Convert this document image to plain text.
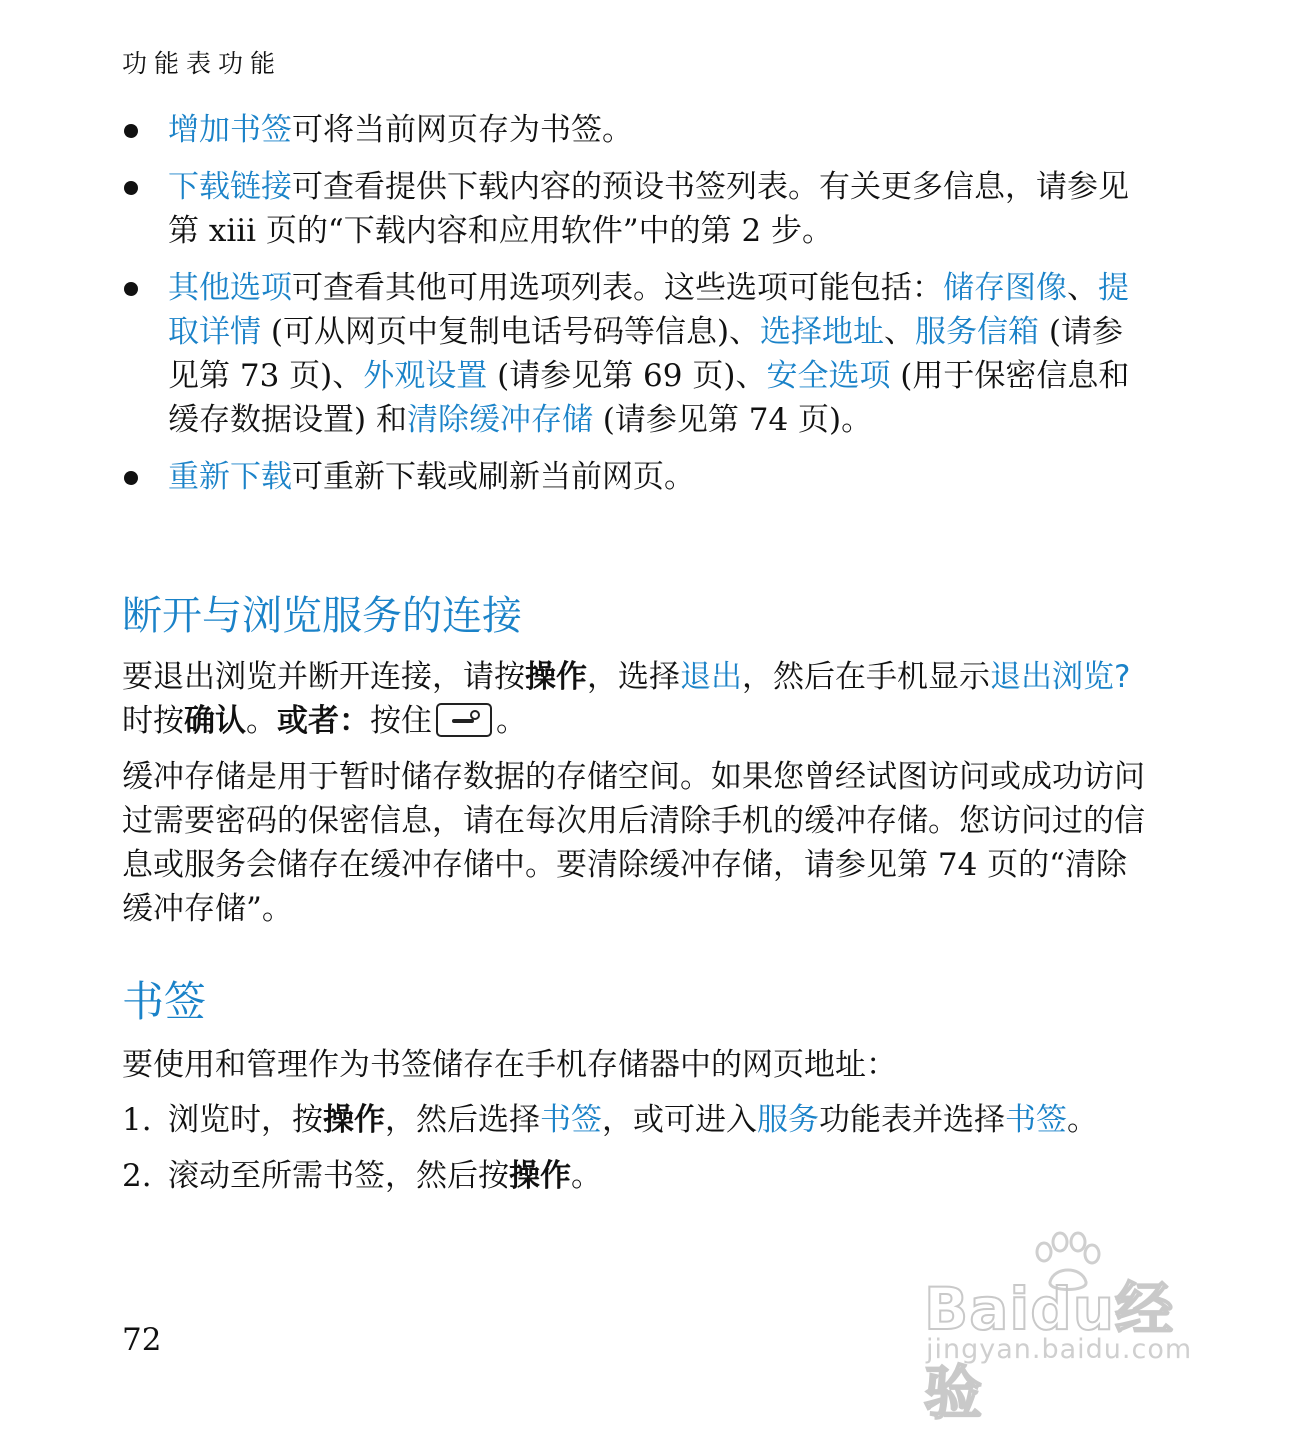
功能表功能
增加书签可将当前网页存为书签。
下载链接可查看提供下载内容的预设书签列表。有关更多信息，请参见第 xiii 页的“下载内容和应用软件”中的第 2 步。
其他选项可查看其他可用选项列表。这些选项可能包括：储存图像、提取详情 (可从网页中复制电话号码等信息)、选择地址、服务信箱 (请参见第 73 页)、外观设置 (请参见第 69 页)、安全选项 (用于保密信息和缓存数据设置) 和清除缓冲存储 (请参见第 74 页)。
重新下载可重新下载或刷新当前网页。
断开与浏览服务的连接

要退出浏览并断开连接，请按操作，选择退出，然后在手机显示退出浏览?时按确认。或者：按住 。

缓冲存储是用于暂时储存数据的存储空间。如果您曾经试图访问或成功访问过需要密码的保密信息，请在每次用后清除手机的缓冲存储。您访问过的信息或服务会储存在缓冲存储中。要清除缓冲存储，请参见第 74 页的“清除缓冲存储”。

书签

要使用和管理作为书签储存在手机存储器中的网页地址：

1. 浏览时，按操作，然后选择书签，或可进入服务功能表并选择书签。
2. 滚动至所需书签，然后按操作。
72	Baidu经验
jingyan.baidu.com
